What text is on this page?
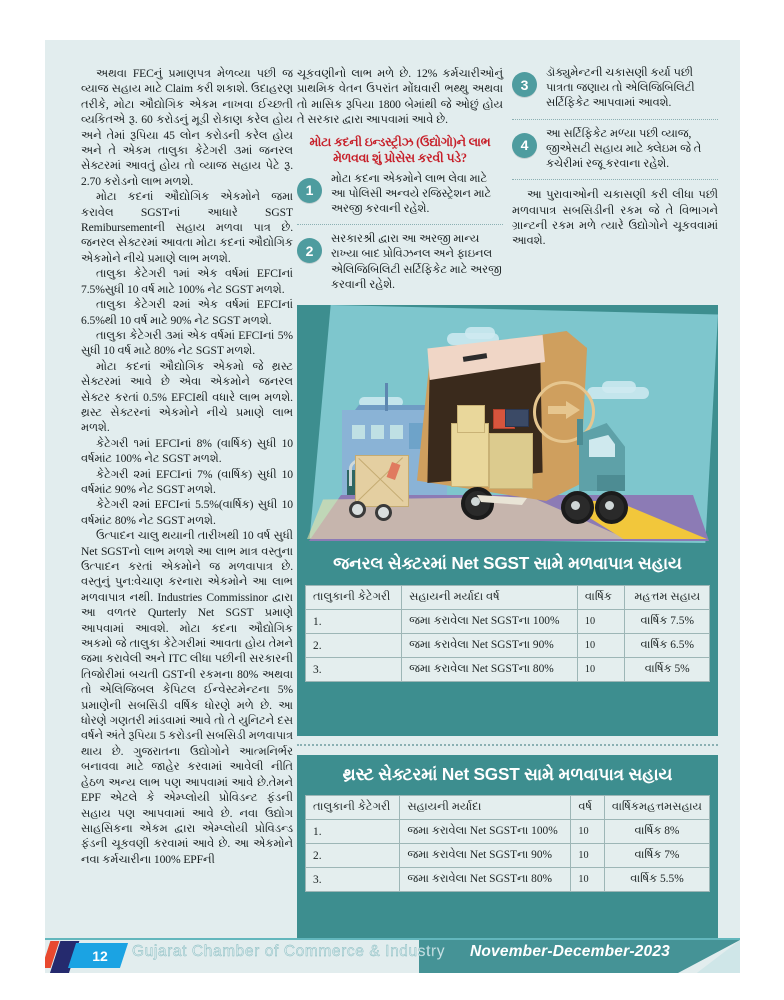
અથવા FECનું પ્રમાણપત્ર મેળવ્યા પછી જ વ્યાજ સહાય માટે Claim કરી શકાશે. ઉદાહરણ તરીકે, મોટા ઔદ્યોગિક એકમ નાખવા ઈચ્છતી વ્યકિતએ રૂ. 60 કરોડનું મૂડી રોકાણ કરેલ હોય અને તેમાં રૂપિયા 45 લોન કરોડની કરેલ હોય અને તે એકમ તાલુકા કેટેગરી ૩માં જનરલ સેક્ટરમાં આવતું હોય તો વ્યાજ સહાય પેટે રૂ. 2.70 કરોડનો લાભ મળશે.

મોટા કદનાં ઔદ્યોગિક એકમોને જમા કરાવેલ SGSTનાં આધારે SGST Remibursementની સહાય મળવા પાત્ર છે. જનરલ સેક્ટરમાં આવતા મોટા કદનાં ઔદ્યોગિક એકમોને નીચે પ્રમાણે લાભ મળશે.

તાલુકા કેટેગરી ૧માં એક વર્ષમાં EFCIનાં 7.5%સુધી 10 વર્ષ માટે 100% નેટ SGST મળશે.

તાલુકા કેટેગરી ૨માં એક વર્ષમાં EFCIનાં 6.5%થી 10 વર્ષ માટે 90% નેટ SGST મળશે.

તાલુકા કેટેગરી ૩માં એક વર્ષમાં EFCIનાં 5% સુધી 10 વર્ષ માટે 80% નેટ SGST મળશે.

મોટા કદનાં ઔદ્યોગિક એકમો જે થ્રસ્ટ સેક્ટરમાં આવે છે એવા એકમોને જનરલ સેક્ટર કરતાં 0.5% EFCIથી વધારે લાભ મળશે. થ્રસ્ટ સેક્ટરનાં એકમોને નીચે પ્રમાણે લાભ મળશે.

કેટેગરી ૧માં EFCIનાં 8% (વાર્ષિક) સુધી 10 વર્ષમાંટ 100% નેટ SGST મળશે.

કેટેગરી ૨માં EFCIનાં 7% (વાર્ષિક) સુધી 10 વર્ષમાંટ 90% નેટ SGST મળશે.

કેટેગરી ૨માં EFCIનાં 5.5%(વાર્ષિક) સુધી 10 વર્ષમાંટ 80% નેટ SGST મળશે.

ઉત્પાદન ચાલુ થયાની તારીખથી 10 વર્ષ સુધી Net SGSTનો લાભ મળશે આ લાભ માત્ર વસ્તુના ઉત્પાદન કરતાં એકમોને જ મળવાપાત્ર છે. વસ્તુનું પુન:વેચાણ કરનારા એકમોને આ લાભ મળવાપાત્ર નથી. Industries Commissinor દ્વારા આ વળતર Qurterly Net SGST પ્રમાણે આપવામાં આવશે. મોટા કદના ઔદ્યોગિક અકમો જે તાલુકા કેટેગરીમાં આવતા હોય તેમને જમા કરાવેલી અને ITC લીધા પછીની સરકારની તિજોરીમાં બચતી GSTની રકમના 80% અથવા તો એલિજિબલ કેપિટલ ઈન્વેસ્ટમેન્ટના 5% પ્રમાણેની સબસિડી વર્ષિક ધોરણે મળે છે. આ ધોરણે ગણતરી માંડવામાં આવે તો તે યુનિટને દસ વર્ષને અંતે રૂપિયા 5 કરોડની સબસિડી મળવાપાત્ર થાય છે. ગુજરાતના ઉદ્યોગોને આત્મનિર્ભર બનાવવા માટે જાહેર કરવામાં આવેલી નીતિ હેઠળ અન્ય લાભ પણ આપવામાં આવે છે.તેમને EPF એટલે કે એમ્પ્લોયી પ્રોવિડન્ટ ફંડની સહાય પણ આપવામાં આવે છે. નવા ઉદ્યોગ સાહસિકના એકમ દ્વારા એમ્પ્લોયી પ્રોવિડન્ડ ફંડની ચૂકવણી કરવામાં આવે છે. આ એકમોને નવા કર્મચારીના 100% EPFની

ચૂકવણીનો લાભ મળે છે. 12% કર્મચારીઓનું પ્રાથમિક વેતન ઉપરાંત મોંઘવારી ભથ્થુ અથવા તો માસિક રૂપિયા 1800 બેમાંથી જે ઓછું હોય તે સરકાર દ્વારા આપવામાં આવે છે.

મોટા કદની ઇન્ડસ્ટ્રીઝ (ઉદ્યોગો)ને લાભ મેળવવા શું પ્રોસેસ કરવી પડે?
1
મોટા કદના એકમોને લાભ લેવા માટે આ પોલિસી અન્વયે રજિસ્ટ્રેશન માટે અરજી કરવાની રહેશે.
2
સરકારશ્રી દ્વારા આ અરજી માન્ય રાખ્યા બાદ પ્રોવિઝનલ અને ફાઇનલ એલિજિબિલિટી સર્ટિફિકેટ માટે અરજી કરવાની રહેશે.
3
ડૉક્યુમેન્ટની ચકાસણી કર્યા પછી પાત્રતા જણાય તો એલિજિબિલિટી સર્ટિફિકેટ આપવામાં આવશે.
4
આ સર્ટિફિકેટ મળ્યા પછી વ્યાજ, જીએસટી સહાય માટે ક્લેઇમ જે તે કચેરીમાં રજૂ કરવાના રહેશે.

આ પુરાવાઓની ચકાસણી કરી લીધા પછી મળવાપાત્ર સબસિડીની રકમ જે તે વિભાગને ગ્રાન્ટની રકમ મળે ત્યારે ઉદ્યોગોને ચૂકવવામાં આવશે.

જનરલ સેક્ટરમાં Net SGST સામે મળવાપાત્ર સહાય
તાલુકાની કેટેગરી	સહાયની મર્યાદા વર્ષ	વાર્ષિક	મહત્તમ સહાય
1.	જમા કરાવેલા Net SGSTના 100%	10	વાર્ષિક 7.5%
2.	જમા કરાવેલા Net SGSTના 90%	10	વાર્ષિક 6.5%
3.	જમા કરાવેલા Net SGSTના 80%	10	વાર્ષિક 5%
થ્રસ્ટ સેક્ટરમાં Net SGST સામે મળવાપાત્ર સહાય
તાલુકાની કેટેગરી	સહાયની મર્યાદા	વર્ષ	વાર્ષિકમહત્તમસહાય
1.	જમા કરાવેલા Net SGSTના 100%	10	વાર્ષિક 8%
2.	જમા કરાવેલા Net SGSTના 90%	10	વાર્ષિક 7%
3.	જમા કરાવેલા Net SGSTના 80%	10	વાર્ષિક 5.5%
12	Gujarat Chamber of Commerce & Industry November-December-2023
